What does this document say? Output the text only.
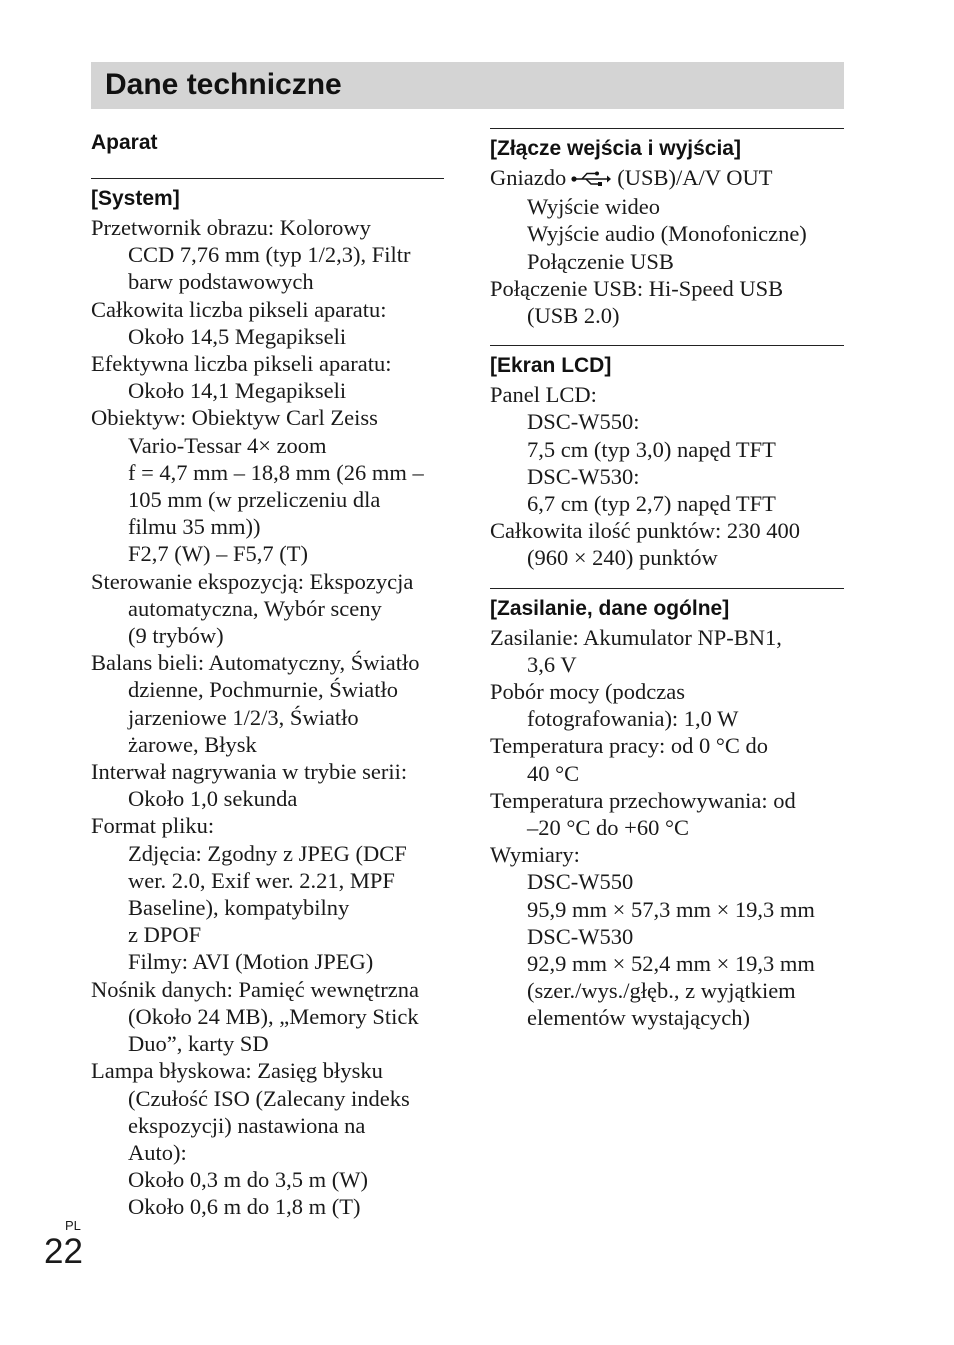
Dane techniczne
Aparat
[System]
Przetwornik obrazu: Kolorowy
CCD 7,76 mm (typ 1/2,3), Filtr
barw podstawowych
Całkowita liczba pikseli aparatu:
Około 14,5 Megapikseli
Efektywna liczba pikseli aparatu:
Około 14,1 Megapikseli
Obiektyw: Obiektyw Carl Zeiss
Vario-Tessar 4× zoom
f = 4,7 mm – 18,8 mm (26 mm –
105 mm (w przeliczeniu dla
filmu 35 mm))
F2,7 (W) – F5,7 (T)
Sterowanie ekspozycją: Ekspozycja
automatyczna, Wybór sceny
(9 trybów)
Balans bieli: Automatyczny, Światło
dzienne, Pochmurnie, Światło
jarzeniowe 1/2/3, Światło
żarowe, Błysk
Interwał nagrywania w trybie serii:
Około 1,0 sekunda
Format pliku:
Zdjęcia: Zgodny z JPEG (DCF
wer. 2.0, Exif wer. 2.21, MPF
Baseline), kompatybilny
z DPOF
Filmy: AVI (Motion JPEG)
Nośnik danych: Pamięć wewnętrzna
(Około 24 MB), „Memory Stick
Duo”, karty SD
Lampa błyskowa: Zasięg błysku
(Czułość ISO (Zalecany indeks
ekspozycji) nastawiona na
Auto):
Około 0,3 m do 3,5 m (W)
Około 0,6 m do 1,8 m (T)
[Złącze wejścia i wyjścia]
Gniazdo (USB)/A/V OUT
Wyjście wideo
Wyjście audio (Monofoniczne)
Połączenie USB
Połączenie USB: Hi-Speed USB
(USB 2.0)
[Ekran LCD]
Panel LCD:
DSC-W550:
7,5 cm (typ 3,0) napęd TFT
DSC-W530:
6,7 cm (typ 2,7) napęd TFT
Całkowita ilość punktów: 230 400
(960 × 240) punktów
[Zasilanie, dane ogólne]
Zasilanie: Akumulator NP-BN1,
3,6 V
Pobór mocy (podczas
fotografowania): 1,0 W
Temperatura pracy: od 0 °C do
40 °C
Temperatura przechowywania: od
–20 °C do +60 °C
Wymiary:
DSC-W550
95,9 mm × 57,3 mm × 19,3 mm
DSC-W530
92,9 mm × 52,4 mm × 19,3 mm
(szer./wys./głęb., z wyjątkiem
elementów wystających)
PL
22
